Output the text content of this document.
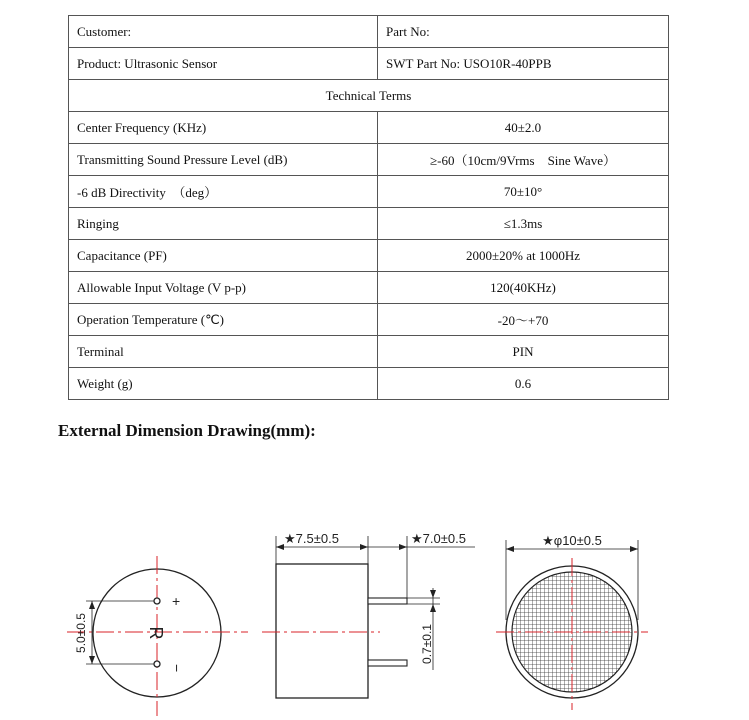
Customer:	Part No:
Product: Ultrasonic Sensor	SWT Part No: USO10R-40PPB
Technical Terms	
Center Frequency (KHz)	40±2.0
Transmitting Sound Pressure Level (dB)	≥-60（10cm/9Vrms　Sine Wave）
-6 dB Directivity　（deg）	70±10°
Ringing	≤1.3ms
Capacitance (PF)	2000±20% at 1000Hz
Allowable Input Voltage (V p-p)	120(40KHz)
Operation Temperature (℃)	-20～+70
Terminal	PIN
Weight (g)	0.6
External Dimension Drawing(mm):
+
−
R
5.0±0.5
★7.5±0.5	★7.0±0.5
0.7±0.1
★φ10±0.5
